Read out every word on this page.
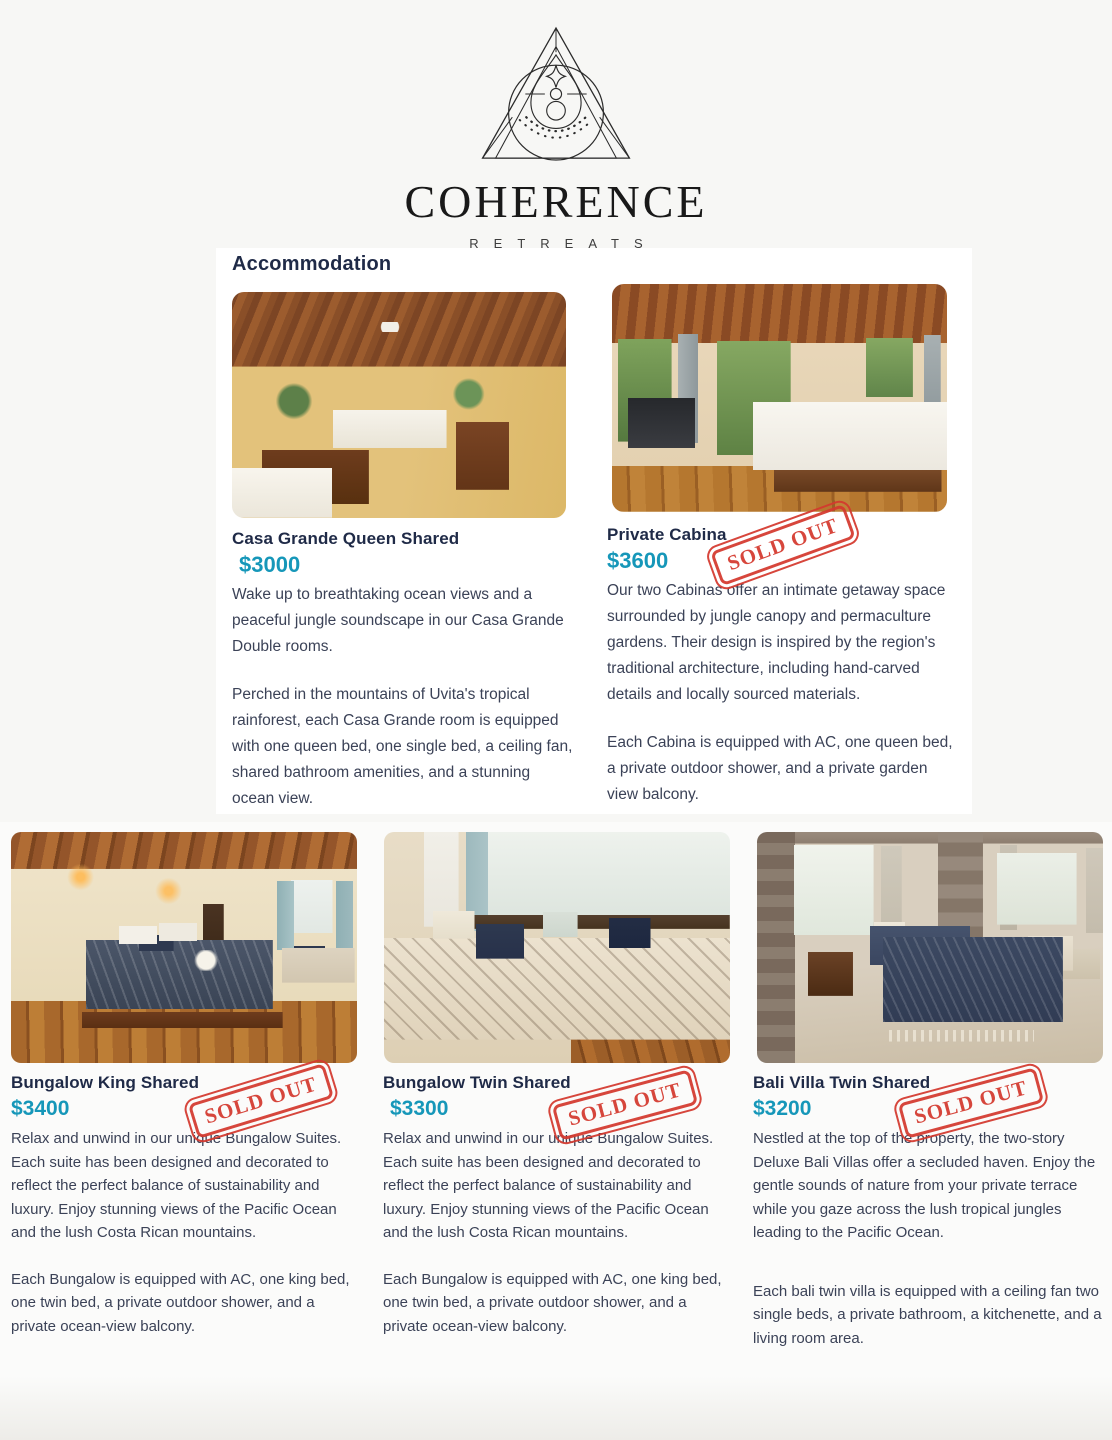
COHERENCE
RETREATS
Accommodation
Casa Grande Queen Shared
$3000

Wake up to breathtaking ocean views and a peaceful jungle soundscape in our Casa Grande Double rooms.

Perched in the mountains of Uvita's tropical rainforest, each Casa Grande room is equipped with one queen bed, one single bed, a ceiling fan, shared bathroom amenities, and a stunning ocean view.

Private Cabina
$3600

Our two Cabinas offer an intimate getaway space surrounded by jungle canopy and permaculture gardens. Their design is inspired by the region's traditional architecture, including hand-carved details and locally sourced materials.

Each Cabina is equipped with AC, one queen bed, a private outdoor shower, and a private garden view balcony.

Bungalow King Shared
$3400

Relax and unwind in our unique Bungalow Suites. Each suite has been designed and decorated to reflect the perfect balance of sustainability and luxury. Enjoy stunning views of the Pacific Ocean and the lush Costa Rican mountains.

Each Bungalow is equipped with AC, one king bed, one twin bed, a private outdoor shower, and a private ocean-view balcony.

Bungalow Twin Shared
$3300

Relax and unwind in our unique Bungalow Suites. Each suite has been designed and decorated to reflect the perfect balance of sustainability and luxury. Enjoy stunning views of the Pacific Ocean and the lush Costa Rican mountains.

Each Bungalow is equipped with AC, one king bed, one twin bed, a private outdoor shower, and a private ocean-view balcony.

Bali Villa Twin Shared
$3200

Nestled at the top of the property, the two-story Deluxe Bali Villas offer a secluded haven. Enjoy the gentle sounds of nature from your private terrace while you gaze across the lush tropical jungles leading to the Pacific Ocean.

Each bali twin villa is equipped with a ceiling fan two single beds, a private bathroom, a kitchenette, and a living room area.

SOLD OUT
SOLD OUT	SOLD OUT	SOLD OUT
